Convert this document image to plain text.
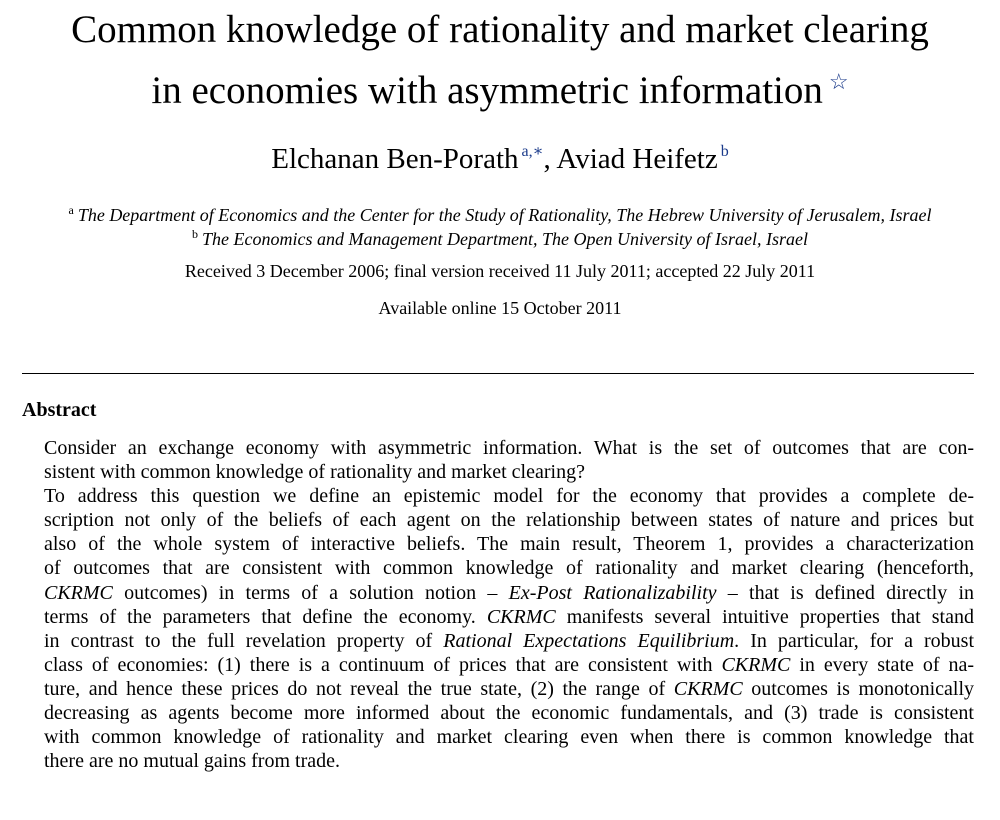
Common knowledge of rationality and market clearing
in economies with asymmetric information ☆
Elchanan Ben-Porath $^{a,∗}$, Aviad Heifetz $^b$
$^a$ The Department of Economics and the Center for the Study of Rationality, The Hebrew University of Jerusalem, Israel
$^b$ The Economics and Management Department, The Open University of Israel, Israel
Received 3 December 2006; final version received 11 July 2011; accepted 22 July 2011
Available online 15 October 2011
Abstract

Consider an exchange economy with asymmetric information. What is the set of outcomes that are con-
sistent with common knowledge of rationality and market clearing?

To address this question we define an epistemic model for the economy that provides a complete de-
scription not only of the beliefs of each agent on the relationship between states of nature and prices but
also of the whole system of interactive beliefs. The main result, Theorem 1, provides a characterization
of outcomes that are consistent with common knowledge of rationality and market clearing (henceforth,
CKRMC outcomes) in terms of a solution notion – Ex-Post Rationalizability – that is defined directly in
terms of the parameters that define the economy. CKRMC manifests several intuitive properties that stand
in contrast to the full revelation property of Rational Expectations Equilibrium. In particular, for a robust
class of economies: (1) there is a continuum of prices that are consistent with CKRMC in every state of na-
ture, and hence these prices do not reveal the true state, (2) the range of CKRMC outcomes is monotonically
decreasing as agents become more informed about the economic fundamentals, and (3) trade is consistent
with common knowledge of rationality and market clearing even when there is common knowledge that
there are no mutual gains from trade.
